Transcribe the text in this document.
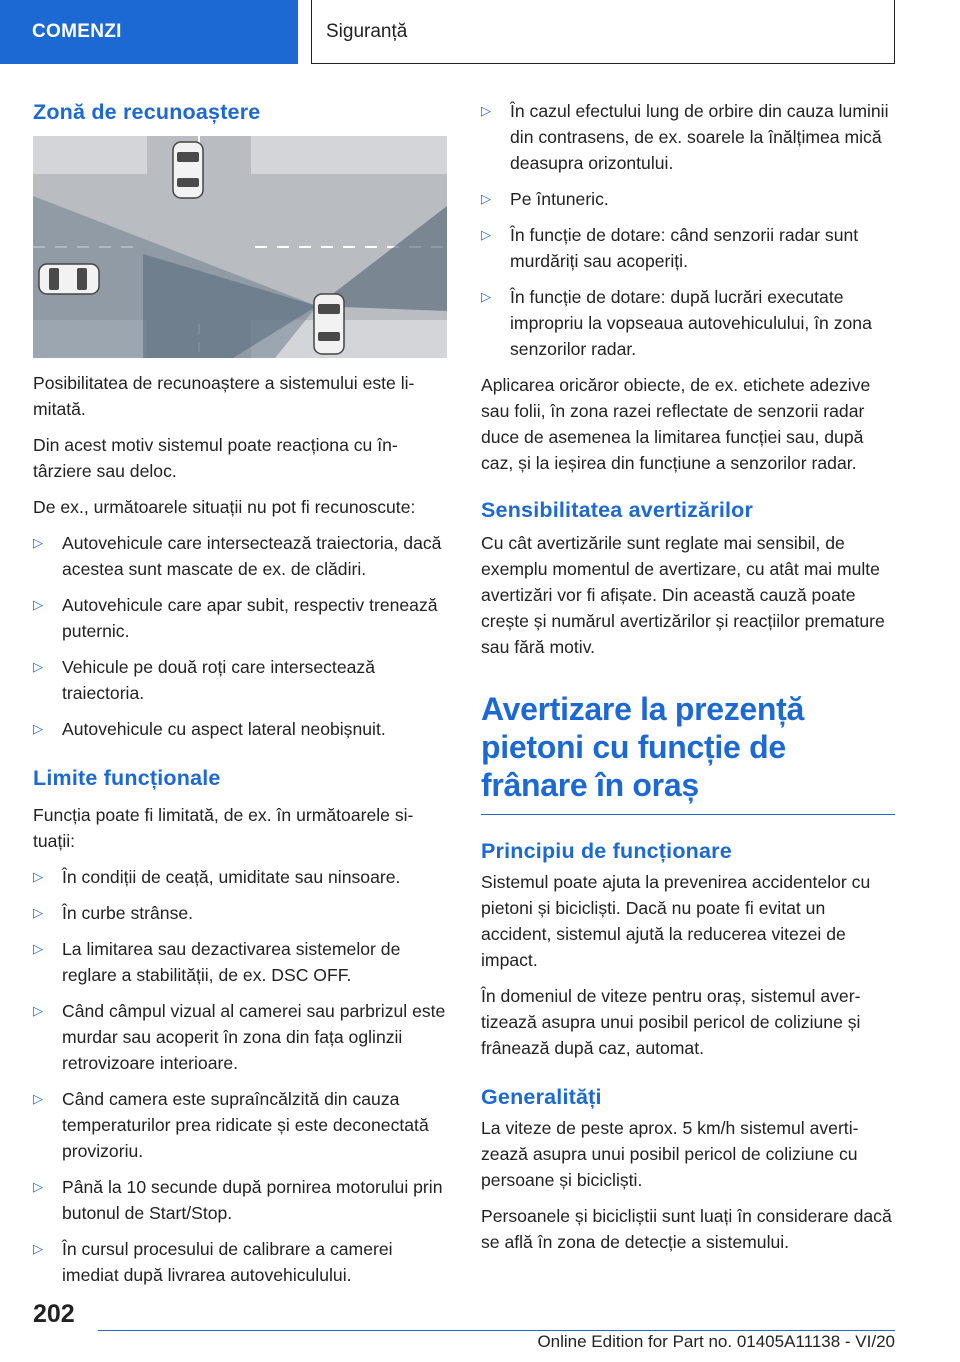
COMENZI	Siguranță
Zonă de recunoaștere

Posibilitatea de recunoaștere a sistemului este limitată.

Din acest motiv sistemul poate reacționa cu întârziere sau deloc.

De ex., următoarele situații nu pot fi recunoscute:

▷ Autovehicule care intersectează traiectoria, dacă acestea sunt mascate de ex. de clădiri.
▷ Autovehicule care apar subit, respectiv trenează puternic.
▷ Vehicule pe două roți care intersectează traiectoria.
▷ Autovehicule cu aspect lateral neobișnuit.
Limite funcționale

Funcția poate fi limitată, de ex. în următoarele situații:

▷ În condiții de ceață, umiditate sau ninsoare.
▷ În curbe strânse.
▷ La limitarea sau dezactivarea sistemelor de reglare a stabilității, de ex. DSC OFF.
▷ Când câmpul vizual al camerei sau parbrizul este murdar sau acoperit în zona din fața oglinzii retrovizoare interioare.
▷ Când camera este supraîncălzită din cauza temperaturilor prea ridicate și este deconectată provizoriu.
▷ Până la 10 secunde după pornirea motorului prin butonul de Start/Stop.
▷ În cursul procesului de calibrare a camerei imediat după livrarea autovehiculului.
▷ În cazul efectului lung de orbire din cauza luminii din contrasens, de ex. soarele la înălțimea mică deasupra orizontului.
▷ Pe întuneric.
▷ În funcție de dotare: când senzorii radar sunt murdăriți sau acoperiți.
▷ În funcție de dotare: după lucrări executate impropriu la vopseaua autovehiculului, în zona senzorilor radar.

Aplicarea oricăror obiecte, de ex. etichete adezive sau folii, în zona razei reflectate de senzorii radar duce de asemenea la limitarea funcției sau, după caz, și la ieșirea din funcțiune a senzorilor radar.

Sensibilitatea avertizărilor

Cu cât avertizările sunt reglate mai sensibil, de exemplu momentul de avertizare, cu atât mai multe avertizări vor fi afișate. Din această cauză poate crește și numărul avertizărilor și reacțiilor premature sau fără motiv.

Avertizare la prezență pietoni cu funcție de frânare în oraș
Principiu de funcționare

Sistemul poate ajuta la prevenirea accidentelor cu pietoni și bicicliști. Dacă nu poate fi evitat un accident, sistemul ajută la reducerea vitezei de impact.

În domeniul de viteze pentru oraș, sistemul avertizează asupra unui posibil pericol de coliziune și frânează după caz, automat.

Generalități

La viteze de peste aprox. 5 km/h sistemul avertizează asupra unui posibil pericol de coliziune cu persoane și bicicliști.

Persoanele și bicicliștii sunt luați în considerare dacă se află în zona de detecție a sistemului.

202
Online Edition for Part no. 01405A11138 - VI/20
